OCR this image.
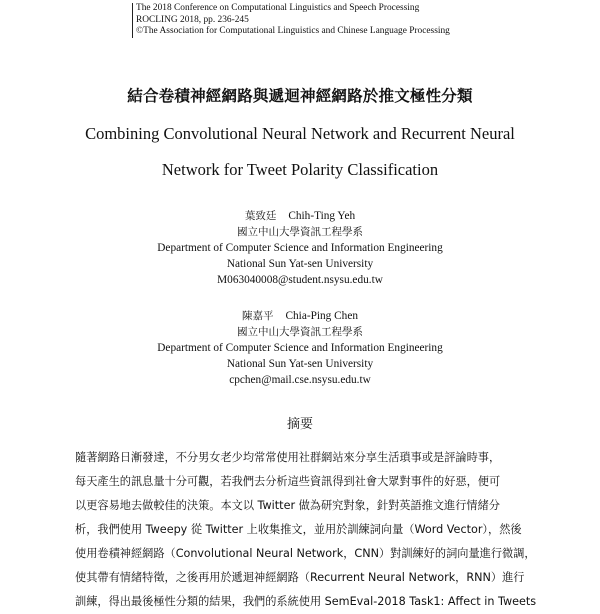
The 2018 Conference on Computational Linguistics and Speech Processing
ROCLING 2018, pp. 236-245
©The Association for Computational Linguistics and Chinese Language Processing
結合卷積神經網路與遞迴神經網路於推文極性分類
Combining Convolutional Neural Network and Recurrent Neural
Network for Tweet Polarity Classification
葉致廷 Chih-Ting Yeh
國立中山大學資訊工程學系
Department of Computer Science and Information Engineering
National Sun Yat-sen University
M063040008@student.nsysu.edu.tw
陳嘉平 Chia-Ping Chen
國立中山大學資訊工程學系
Department of Computer Science and Information Engineering
National Sun Yat-sen University
cpchen@mail.cse.nsysu.edu.tw
摘要
隨著網路日漸發達，不分男女老少均常常使用社群網站來分享生活瑣事或是評論時事，
每天產生的訊息量十分可觀，若我們去分析這些資訊得到社會大眾對事件的好惡，便可
以更容易地去做較佳的決策。本文以 Twitter 做為研究對象，針對英語推文進行情緒分
析，我們使用 Tweepy 從 Twitter 上收集推文，並用於訓練詞向量（Word Vector），然後
使用卷積神經網路（Convolutional Neural Network，CNN）對訓練好的詞向量進行微調，
使其帶有情緒特徵，之後再用於遞迴神經網路（Recurrent Neural Network，RNN）進行
訓練，得出最後極性分類的結果，我們的系統使用 SemEval-2018 Task1: Affect in Tweets
